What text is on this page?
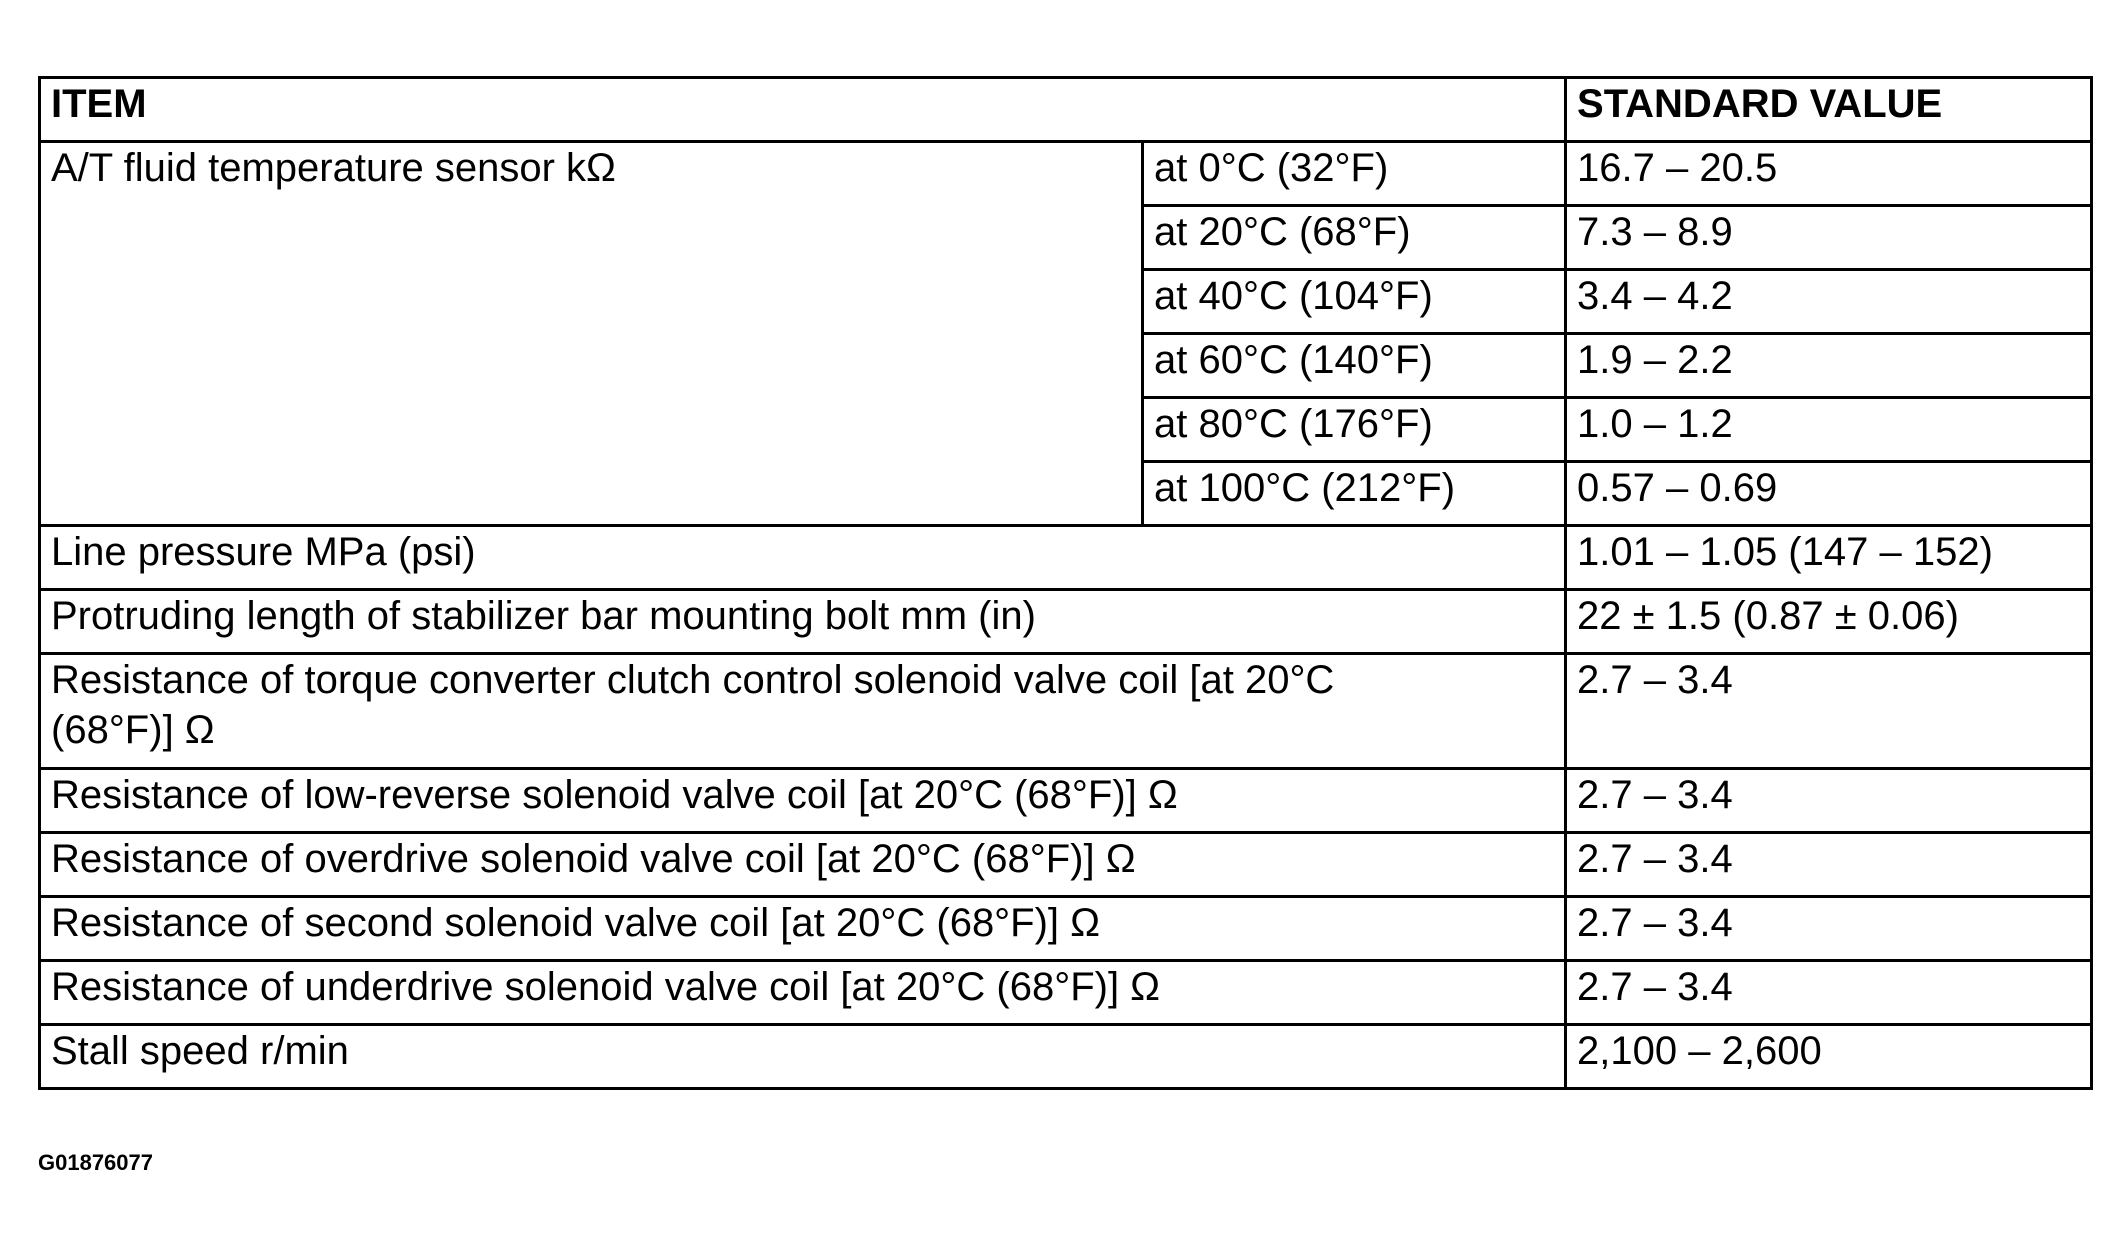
ITEM		STANDARD VALUE
A/T fluid temperature sensor kΩ	at 0°C (32°F)	16.7 – 20.5
	at 20°C (68°F)	7.3 – 8.9
	at 40°C (104°F)	3.4 – 4.2
	at 60°C (140°F)	1.9 – 2.2
	at 80°C (176°F)	1.0 – 1.2
	at 100°C (212°F)	0.57 – 0.69
Line pressure MPa (psi)		1.01 – 1.05 (147 – 152)
Protruding length of stabilizer bar mounting bolt mm (in)		22 ± 1.5 (0.87 ± 0.06)
Resistance of torque converter clutch control solenoid valve coil [at 20°C
(68°F)] Ω		2.7 – 3.4
Resistance of low-reverse solenoid valve coil [at 20°C (68°F)] Ω		2.7 – 3.4
Resistance of overdrive solenoid valve coil [at 20°C (68°F)] Ω		2.7 – 3.4
Resistance of second solenoid valve coil [at 20°C (68°F)] Ω		2.7 – 3.4
Resistance of underdrive solenoid valve coil [at 20°C (68°F)] Ω		2.7 – 3.4
Stall speed r/min		2,100 – 2,600
G01876077
